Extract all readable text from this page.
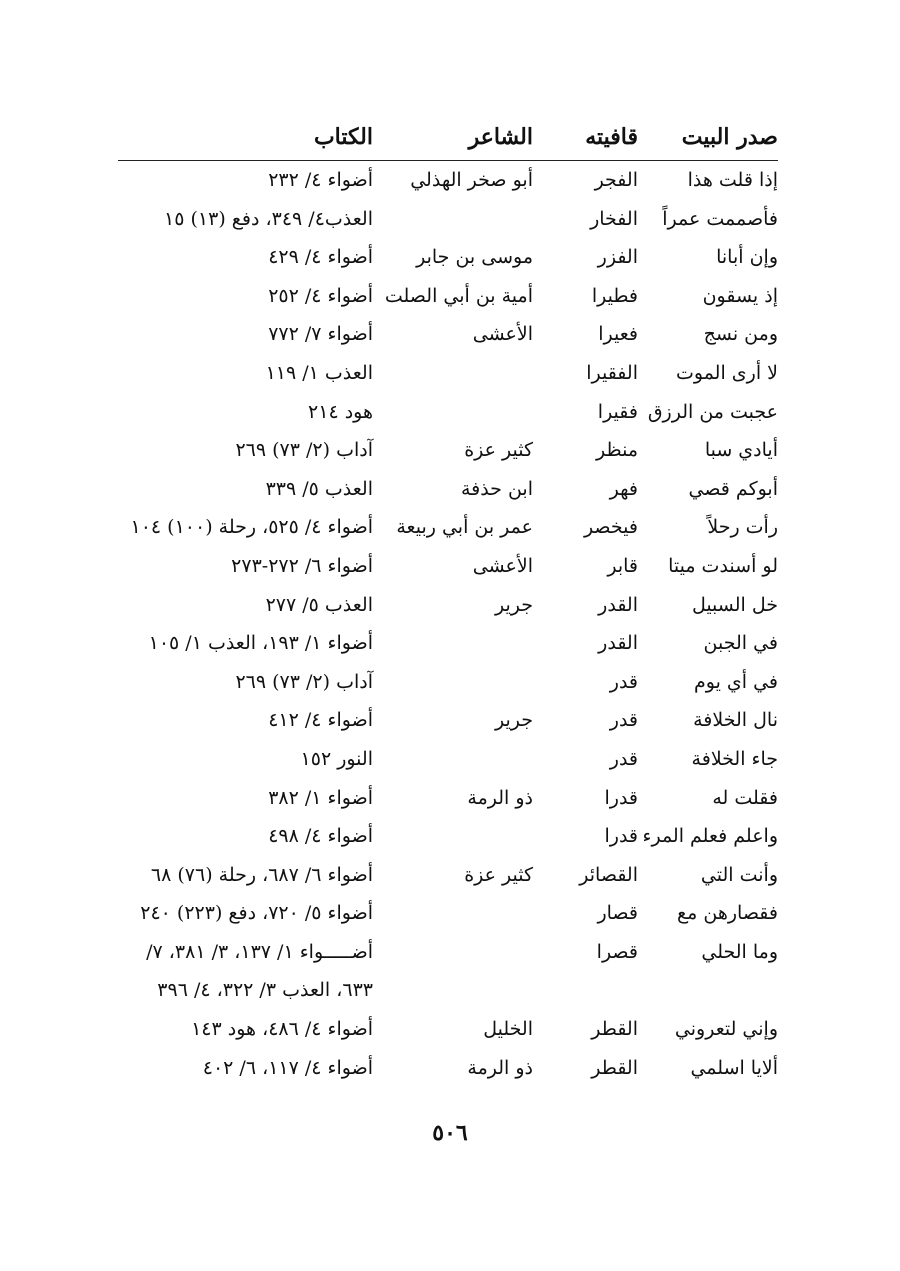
صدر البيت
قافيته
الشاعر
الكتاب
إذا قلت هذا
الفجر
أبو صخر الهذلي
أضواء ٤/ ٢٣٢
فأصممت عمراً
الفخار
العذب٤/ ٣٤٩، دفع (١٣) ١٥
وإن أبانا
الفزر
موسى بن جابر
أضواء ٤/ ٤٢٩
إذ يسقون
فطيرا
أمية بن أبي الصلت
أضواء ٤/ ٢٥٢
ومن نسج
فعيرا
الأعشى
أضواء ٧/ ٧٧٢
لا أرى الموت
الفقيرا
العذب ١/ ١١٩
عجبت من الرزق
فقيرا
هود ٢١٤
أيادي سبا
منظر
كثير عزة
آداب (٢/ ٧٣) ٢٦٩
أبوكم قصي
فهر
ابن حذفة
العذب ٥/ ٣٣٩
رأت رحلاً
فيخصر
عمر بن أبي ربيعة
أضواء ٤/ ٥٢٥، رحلة (١٠٠) ١٠٤
لو أسندت ميتا
قابر
الأعشى
أضواء ٦/ ٢٧٢-٢٧٣
خل السبيل
القدر
جرير
العذب ٥/ ٢٧٧
في الجبن
القدر
أضواء ١/ ١٩٣، العذب ١/ ١٠٥
في أي يوم
قدر
آداب (٢/ ٧٣) ٢٦٩
نال الخلافة
قدر
جرير
أضواء ٤/ ٤١٢
جاء الخلافة
قدر
النور ١٥٢
فقلت له
قدرا
ذو الرمة
أضواء ١/ ٣٨٢
واعلم فعلم المرء
قدرا
أضواء ٤/ ٤٩٨
وأنت التي
القصائر
كثير عزة
أضواء ٦/ ٦٨٧، رحلة (٧٦) ٦٨
فقصارهن مع
قصار
أضواء ٥/ ٧٢٠، دفع (٢٢٣) ٢٤٠
وما الحلي
قصرا
أضـــــواء ١/ ١٣٧، ٣/ ٣٨١، ٧/
٦٣٣، العذب ٣/ ٣٢٢، ٤/ ٣٩٦
وإني لتعروني
القطر
الخليل
أضواء ٤/ ٤٨٦، هود ١٤٣
ألايا اسلمي
القطر
ذو الرمة
أضواء ٤/ ١١٧، ٦/ ٤٠٢
٥٠٦
